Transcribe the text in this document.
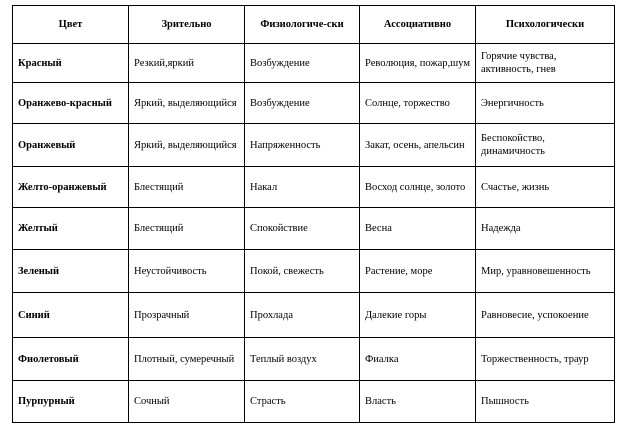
Цвет	Зрительно	Физиологиче-ски	Ассоциативно	Психологически
Красный	Резкий,яркий	Возбуждение	Революция, пожар,шум	Горячие чувства, активность, гнев
Оранжево-красный	Яркий, выделяющийся	Возбуждение	Солнце, торжество	Энергичность
Оранжевый	Яркий, выделяющийся	Напряженность	Закат, осень, апельсин	Беспокойство, динамичность
Желто-оранжевый	Блестящий	Накал	Восход солнце, золото	Счастье, жизнь
Желтый	Блестящий	Спокойствие	Весна	Надежда
Зеленый	Неустойчивость	Покой, свежесть	Растение, море	Мир, уравновешенность
Синий	Прозрачный	Прохлада	Далекие горы	Равновесие, успокоение
Фиолетовый	Плотный, сумеречный	Теплый воздух	Фиалка	Торжественность, траур
Пурпурный	Сочный	Страсть	Власть	Пышность
